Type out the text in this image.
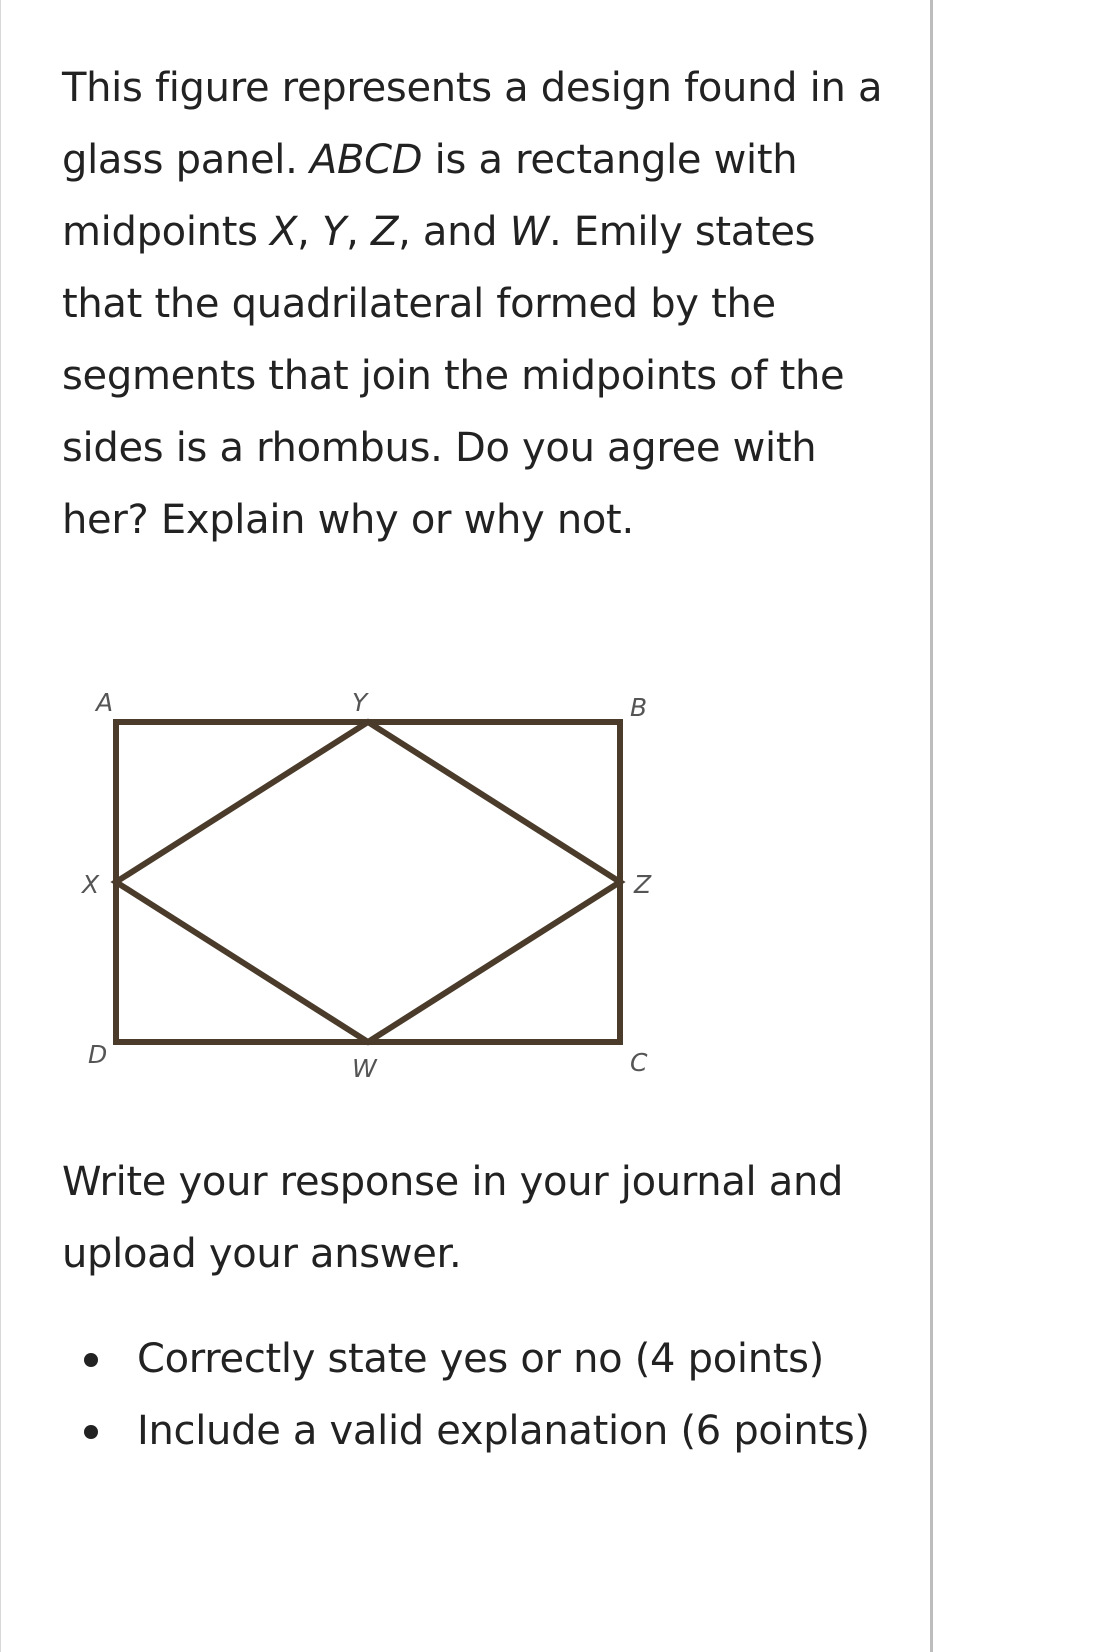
This figure represents a design found in a glass panel. ABCD is a rectangle with midpoints X, Y, Z, and W. Emily states that the quadrilateral formed by the segments that join the midpoints of the sides is a rhombus. Do you agree with her? Explain why or why not.

A	Y	B
X	Z
D	W	C

Write your response in your journal and upload your answer.

Correctly state yes or no (4 points)
Include a valid explanation (6 points)
